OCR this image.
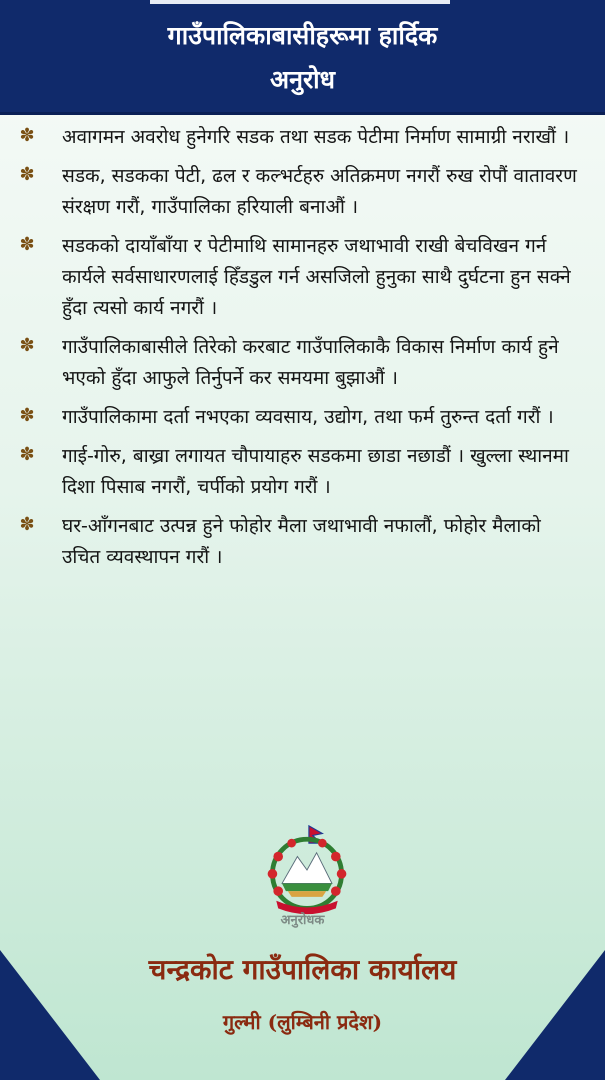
गाउँपालिकाबासीहरूमा हार्दिक
अनुरोध
✽ अवागमन अवरोध हुनेगरि सडक तथा सडक पेटीमा निर्माण सामाग्री नराखौं ।
✽ सडक, सडकका पेटी, ढल र कल्भर्टहरु अतिक्रमण नगरौं रुख रोपौं वातावरण संरक्षण गरौं, गाउँपालिका हरियाली बनाऔं ।
✽ सडकको दायाँबाँया र पेटीमाथि सामानहरु जथाभावी राखी बेचविखन गर्न कार्यले सर्वसाधारणलाई हिँडडुल गर्न असजिलो हुनुका साथै दुर्घटना हुन सक्ने हुँदा त्यसो कार्य नगरौं ।
✽ गाउँपालिकाबासीले तिरेको करबाट गाउँपालिकाकै विकास निर्माण कार्य हुने भएको हुँदा आफुले तिर्नुपर्ने कर समयमा बुझाऔं ।
✽ गाउँपालिकामा दर्ता नभएका व्यवसाय, उद्योग, तथा फर्म तुरुन्त दर्ता गरौं ।
✽ गाई-गोरु, बाख्रा लगायत चौपायाहरु सडकमा छाडा नछाडौं । खुल्ला स्थानमा दिशा पिसाब नगरौं, चर्पीको प्रयोग गरौं ।
✽ घर-आँगनबाट उत्पन्न हुने फोहोर मैला जथाभावी नफालौं, फोहोर मैलाको उचित व्यवस्थापन गरौं ।
अनुरोधक
चन्द्रकोट गाउँपालिका कार्यालय
गुल्मी (लुम्बिनी प्रदेश)
